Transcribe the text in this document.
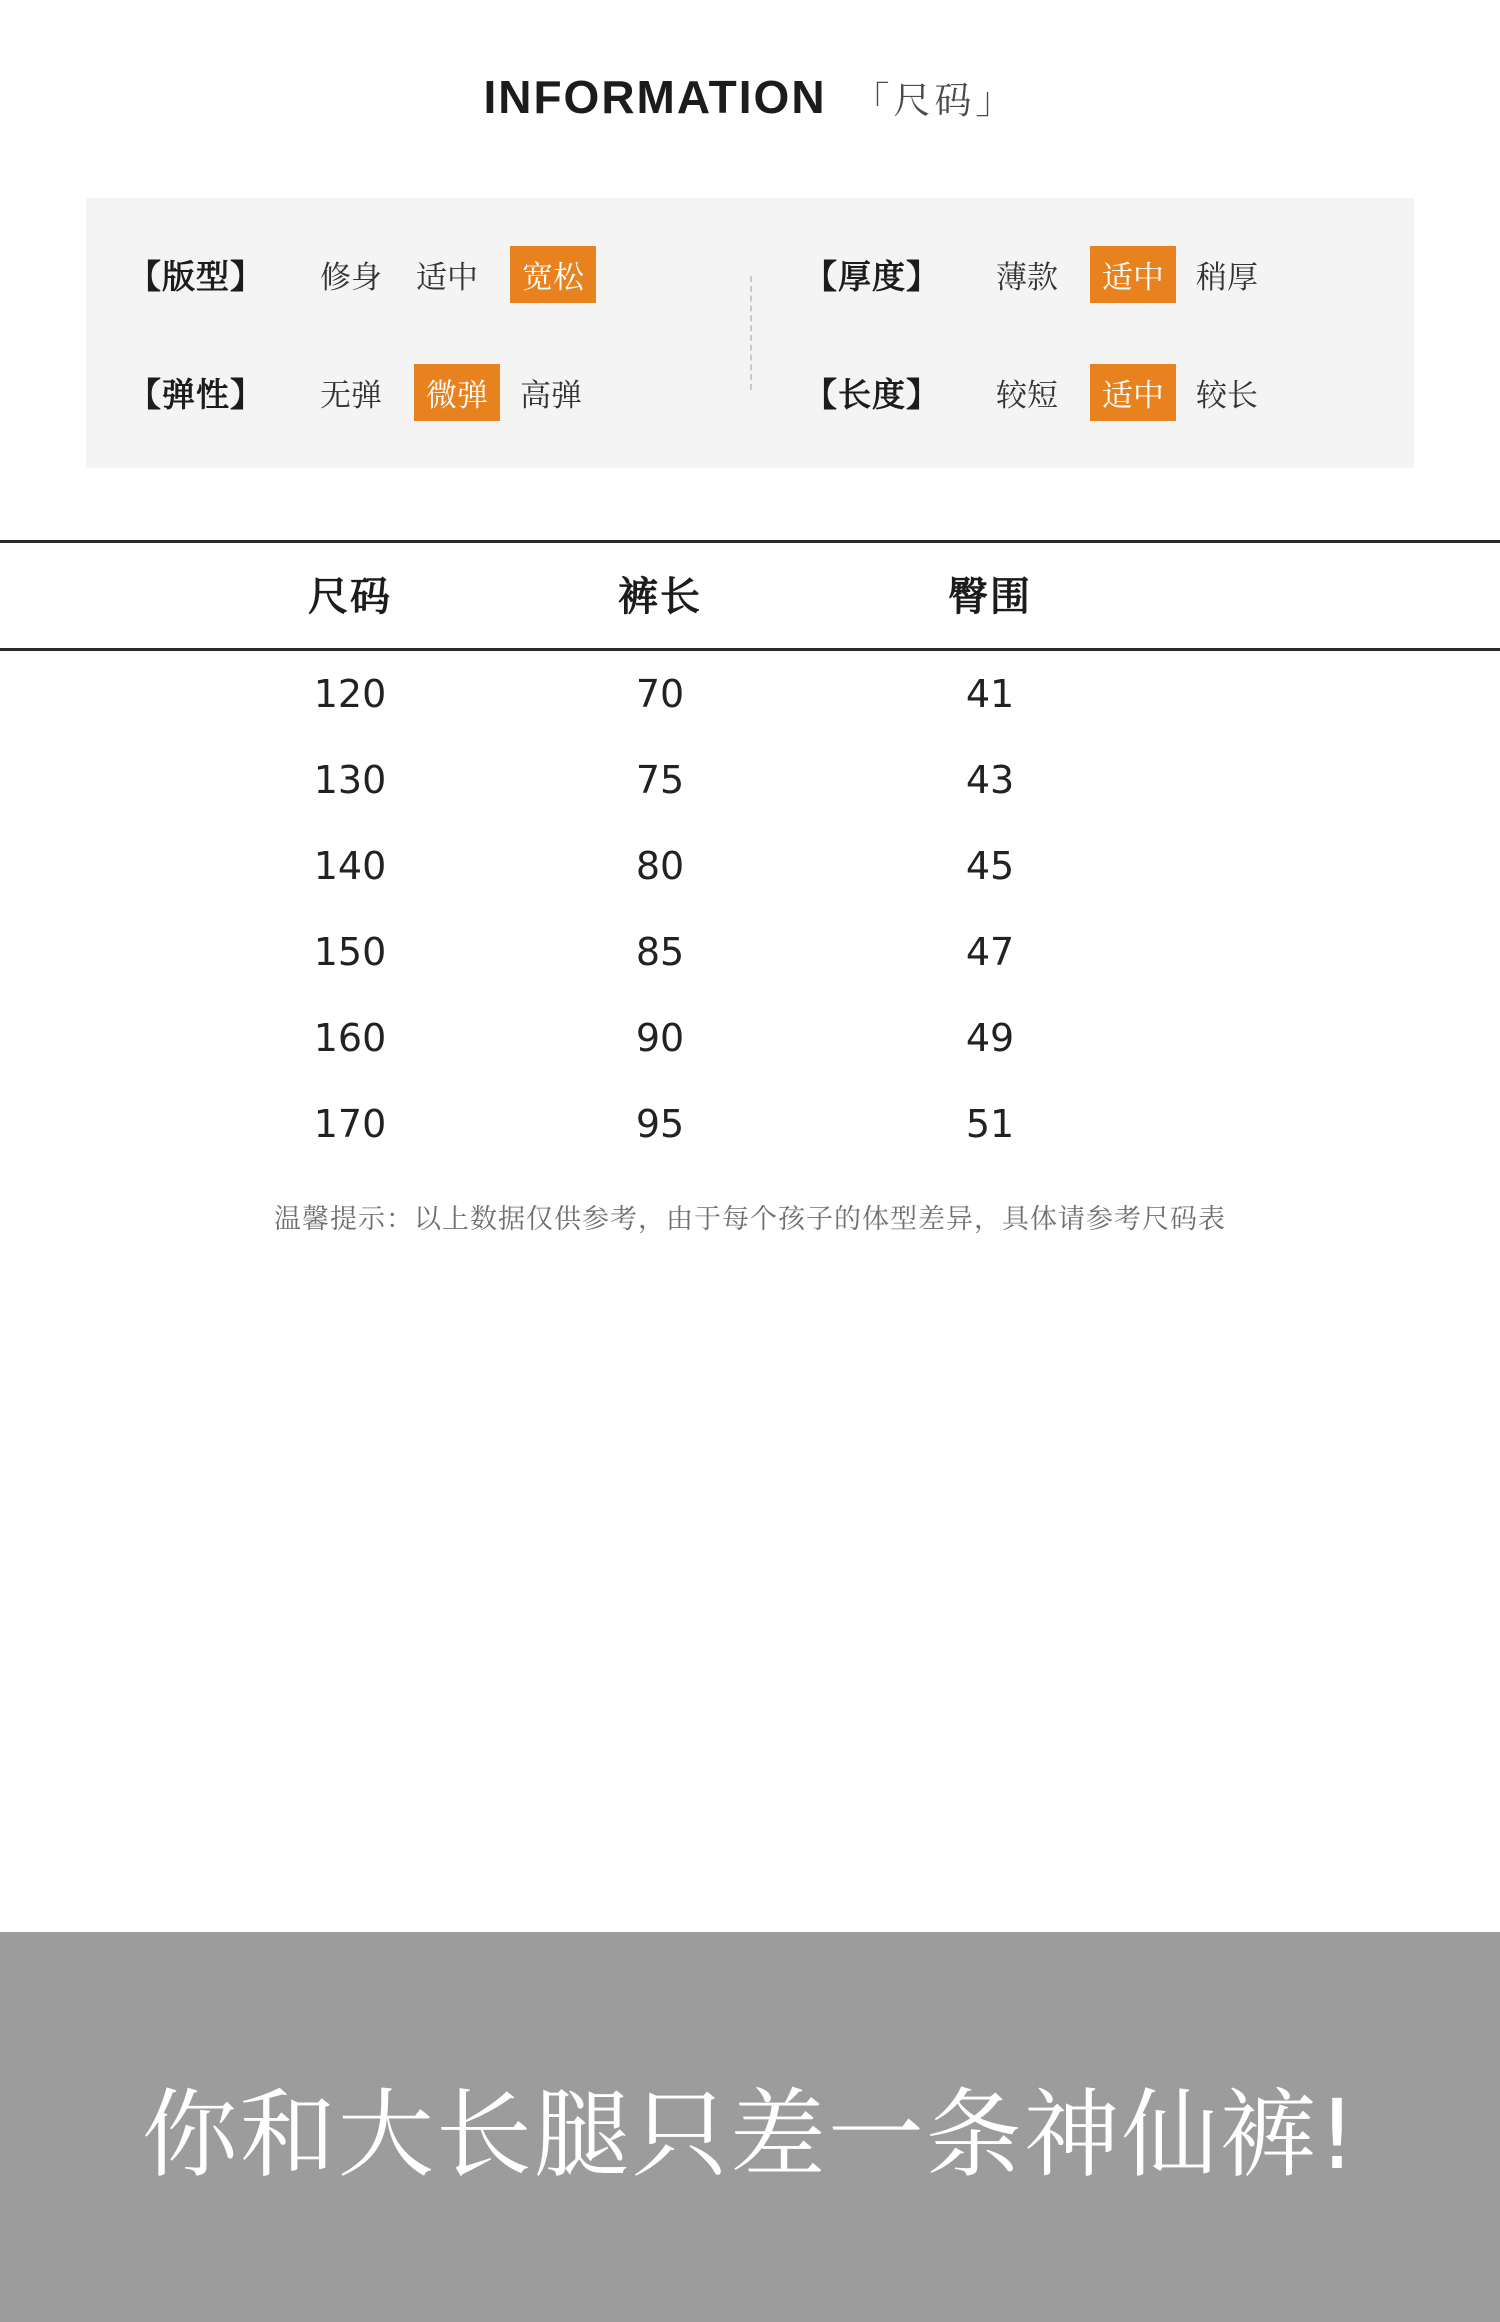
INFORMATION 「尺码」
【版型】	修身 适中	宽松
【弹性】	无弹	微弹	高弹
【厚度】	薄款	适中	稍厚
【长度】	较短	适中	较长
	尺码	裤长	臀围	
	120	70	41	
	130	75	43	
	140	80	45	
	150	85	47	
	160	90	49	
	170	95	51	
温馨提示：以上数据仅供参考，由于每个孩子的体型差异，具体请参考尺码表
你和大长腿只差一条神仙裤!
